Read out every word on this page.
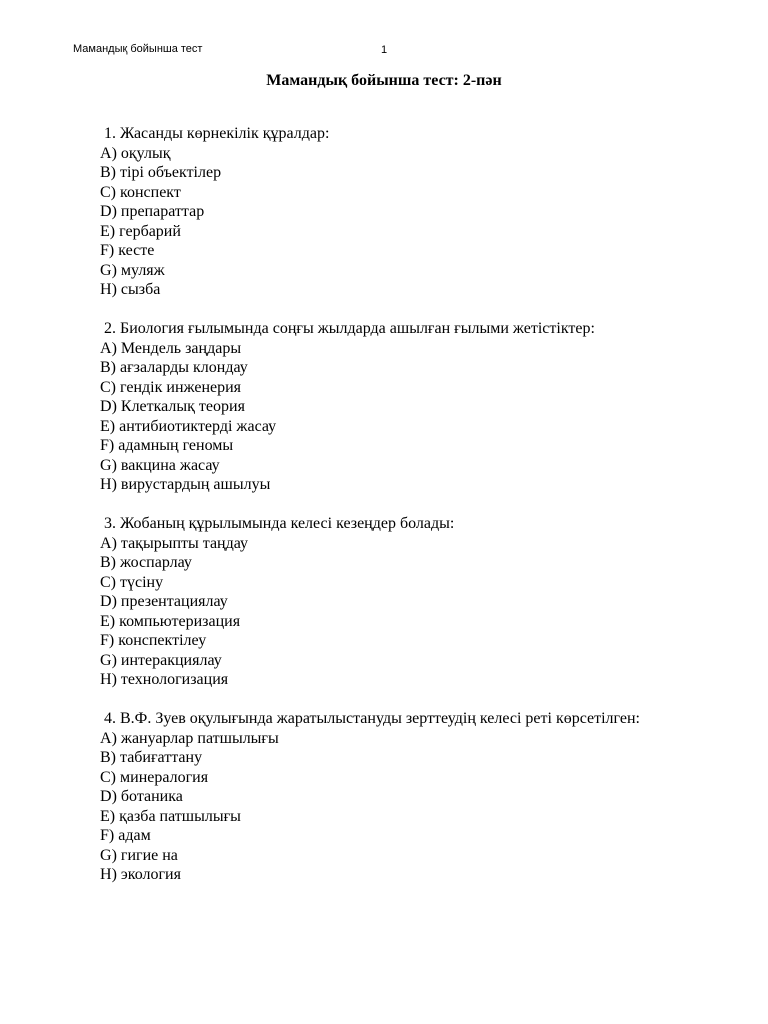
Мамандық бойынша тест	1
Мамандық бойынша тест: 2-пән
1. Жасанды көрнекілік құралдар:
A ) оқулық
B ) тірі объектілер
C ) конспект
D ) препараттар
E ) гербарий
F ) кесте
G ) муляж
H ) сызба
2. Биология ғылымында соңғы жылдарда ашылған ғылыми жетістіктер:
A ) Мендель заңдары
B ) ағзаларды клондау
C ) гендік инженерия
D ) Клеткалық теория
E ) антибиотиктерді жасау
F ) адамның геномы
G ) вакцина жасау
H ) вирустардың ашылуы
3. Жобаның құрылымында келесі кезеңдер болады:
A ) тақырыпты таңдау
B ) жоспарлау
C ) түсіну
D ) презентациялау
E ) компьютеризация
F ) конспектілеу
G ) интеракциялау
H ) технологизация
4. В.Ф. Зуев оқулығында жаратылыстануды зерттеудің келесі реті көрсетілген:
A ) жануарлар патшылығы
B ) табиғаттану
C ) минералогия
D ) ботаника
E ) қазба патшылығы
F ) адам
G ) гигие на
H ) экология
